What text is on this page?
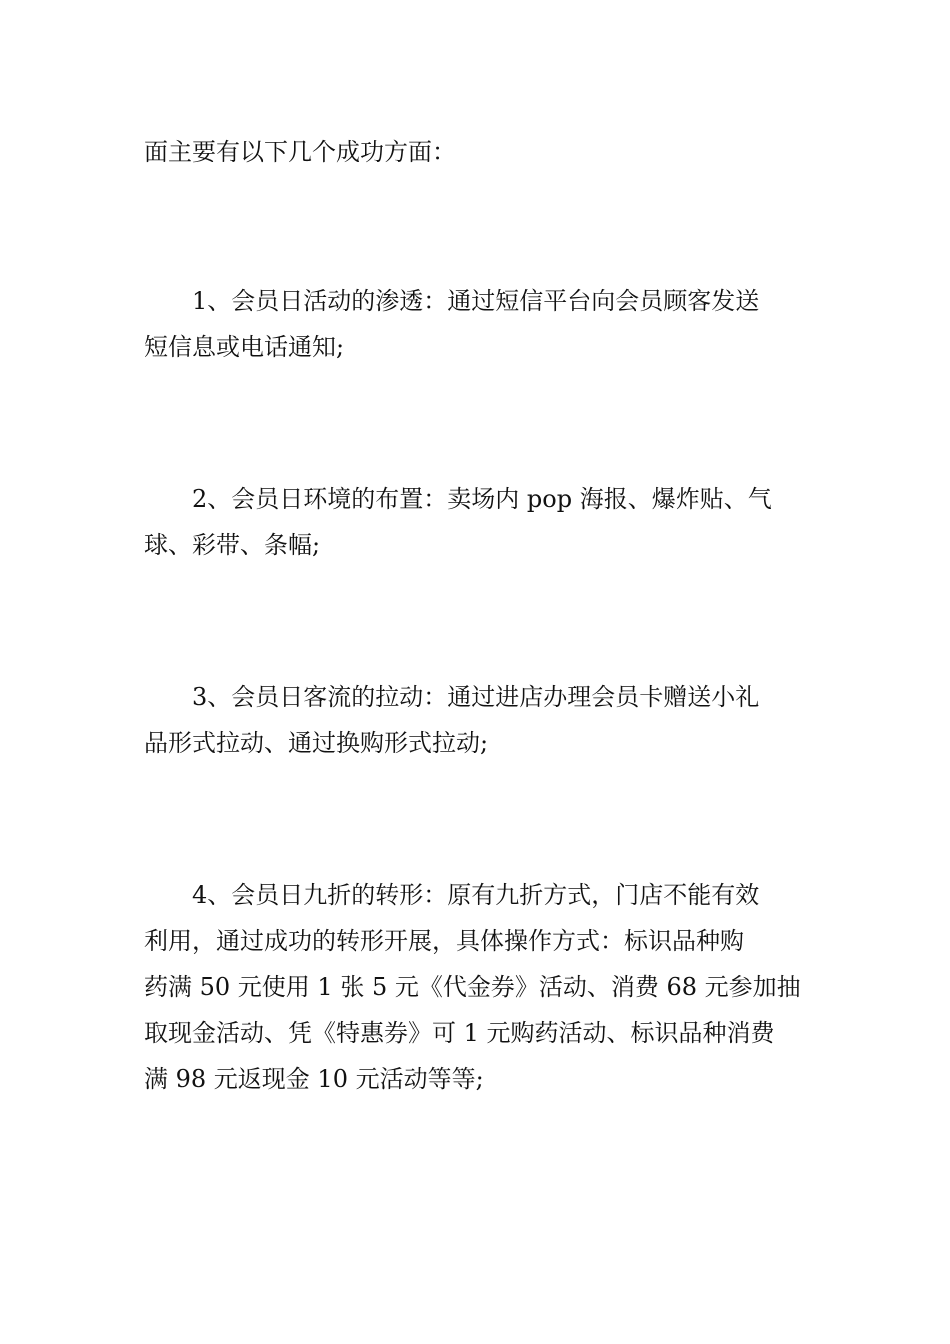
面主要有以下几个成功方面：

1、会员日活动的渗透：通过短信平台向会员顾客发送
短信息或电话通知;

2、会员日环境的布置：卖场内 pop 海报、爆炸贴、气
球、彩带、条幅;

3、会员日客流的拉动：通过进店办理会员卡赠送小礼
品形式拉动、通过换购形式拉动;

4、会员日九折的转形：原有九折方式，门店不能有效
利用，通过成功的转形开展，具体操作方式：标识品种购
药满 50 元使用 1 张 5 元《代金券》活动、消费 68 元参加抽
取现金活动、凭《特惠券》可 1 元购药活动、标识品种消费
满 98 元返现金 10 元活动等等;
